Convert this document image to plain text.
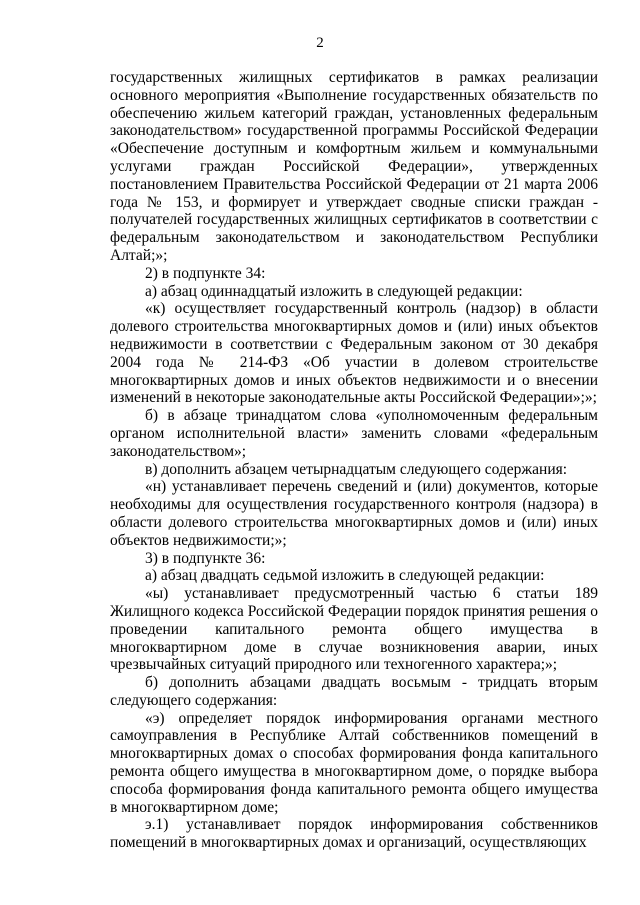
2

государственных жилищных сертификатов в рамках реализации основного мероприятия «Выполнение государственных обязательств по обеспечению жильем категорий граждан, установленных федеральным законодательством» государственной программы Российской Федерации «Обеспечение доступным и комфортным жильем и коммунальными услугами граждан Российской Федерации», утвержденных постановлением Правительства Российской Федерации от 21 марта 2006 года № 153, и формирует и утверждает сводные списки граждан - получателей государственных жилищных сертификатов в соответствии с федеральным законодательством и законодательством Республики Алтай;»;

2) в подпункте 34:

а) абзац одиннадцатый изложить в следующей редакции:

«к) осуществляет государственный контроль (надзор) в области долевого строительства многоквартирных домов и (или) иных объектов недвижимости в соответствии с Федеральным законом от 30 декабря 2004 года № 214-ФЗ «Об участии в долевом строительстве многоквартирных домов и иных объектов недвижимости и о внесении изменений в некоторые законодательные акты Российской Федерации»;»;

б) в абзаце тринадцатом слова «уполномоченным федеральным органом исполнительной власти» заменить словами «федеральным законодательством»;

в) дополнить абзацем четырнадцатым следующего содержания:

«н) устанавливает перечень сведений и (или) документов, которые необходимы для осуществления государственного контроля (надзора) в области долевого строительства многоквартирных домов и (или) иных объектов недвижимости;»;

3) в подпункте 36:

а) абзац двадцать седьмой изложить в следующей редакции:

«ы) устанавливает предусмотренный частью 6 статьи 189 Жилищного кодекса Российской Федерации порядок принятия решения о проведении капитального ремонта общего имущества в многоквартирном доме в случае возникновения аварии, иных чрезвычайных ситуаций природного или техногенного характера;»;

б) дополнить абзацами двадцать восьмым - тридцать вторым следующего содержания:

«э) определяет порядок информирования органами местного самоуправления в Республике Алтай собственников помещений в многоквартирных домах о способах формирования фонда капитального ремонта общего имущества в многоквартирном доме, о порядке выбора способа формирования фонда капитального ремонта общего имущества в многоквартирном доме;

э.1) устанавливает порядок информирования собственников помещений в многоквартирных домах и организаций, осуществляющих
